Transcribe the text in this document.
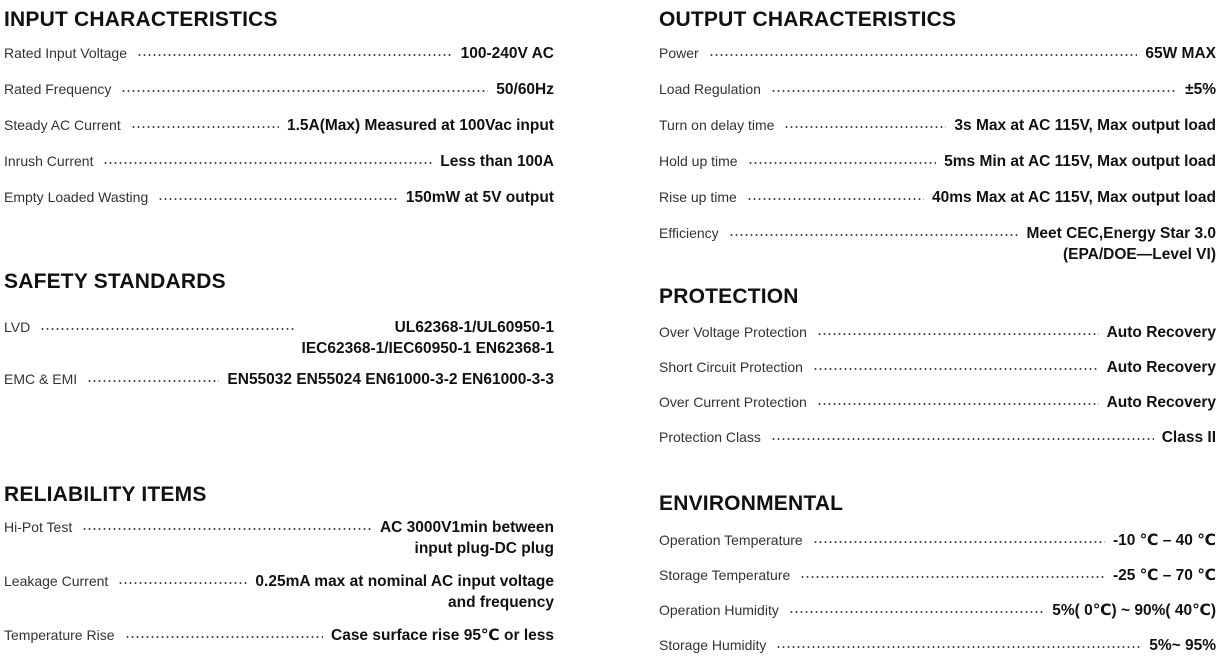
INPUT CHARACTERISTICS
Rated Input Voltage	100-240V AC
Rated Frequency	50/60Hz
Steady AC Current	1.5A(Max) Measured at 100Vac input
Inrush Current	Less than 100A
Empty Loaded Wasting	150mW at 5V output
SAFETY STANDARDS
LVD	UL62368-1/UL60950-1
IEC62368-1/IEC60950-1 EN62368-1
EMC & EMI	EN55032 EN55024 EN61000-3-2 EN61000-3-3
RELIABILITY ITEMS
Hi-Pot Test	AC 3000V1min between
input plug-DC plug
Leakage Current	0.25mA max at nominal AC input voltage
and frequency
Temperature Rise	Case surface rise 95℃ or less
OUTPUT CHARACTERISTICS
Power	65W MAX
Load Regulation	±5%
Turn on delay time	3s Max at AC 115V, Max output load
Hold up time	5ms Min at AC 115V, Max output load
Rise up time	40ms Max at AC 115V, Max output load
Efficiency	Meet CEC,Energy Star 3.0
(EPA/DOE—Level VI)
PROTECTION
Over Voltage Protection	Auto Recovery
Short Circuit Protection	Auto Recovery
Over Current Protection	Auto Recovery
Protection Class	Class II
ENVIRONMENTAL
Operation Temperature	-10 ℃ – 40 ℃
Storage Temperature	-25 ℃ – 70 ℃
Operation Humidity	5%( 0℃) ~ 90%( 40℃)
Storage Humidity	5%~ 95%
